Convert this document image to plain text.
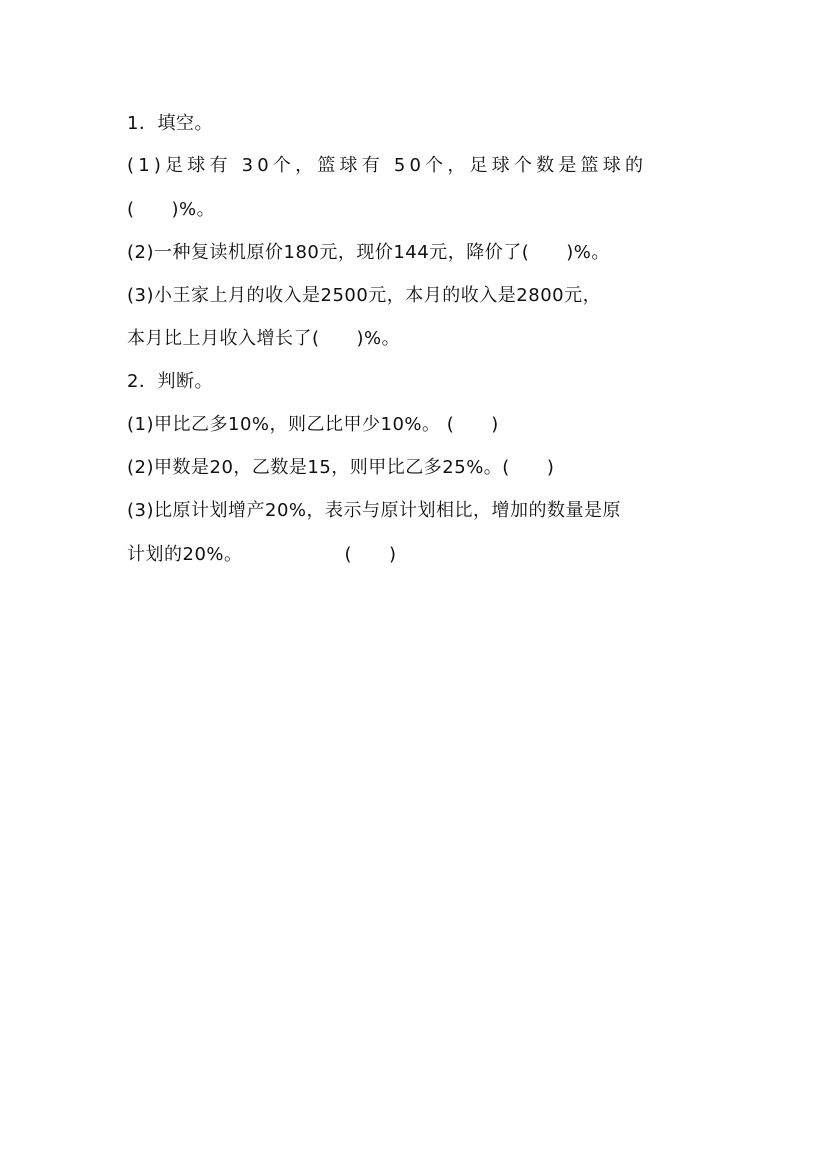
1．填空。
(1)足球有 30个，篮球有 50个，足球个数是篮球的
(　　)%。
(2)一种复读机原价180元，现价144元，降价了(　　)%。
(3)小王家上月的收入是2500元，本月的收入是2800元，
本月比上月收入增长了(　　)%。
2．判断。
(1)甲比乙多10%，则乙比甲少10%。 (　　)
(2)甲数是20，乙数是15，则甲比乙多25%。(　　)
(3)比原计划增产20%，表示与原计划相比，增加的数量是原
计划的20%。　　　　　　(　　)
